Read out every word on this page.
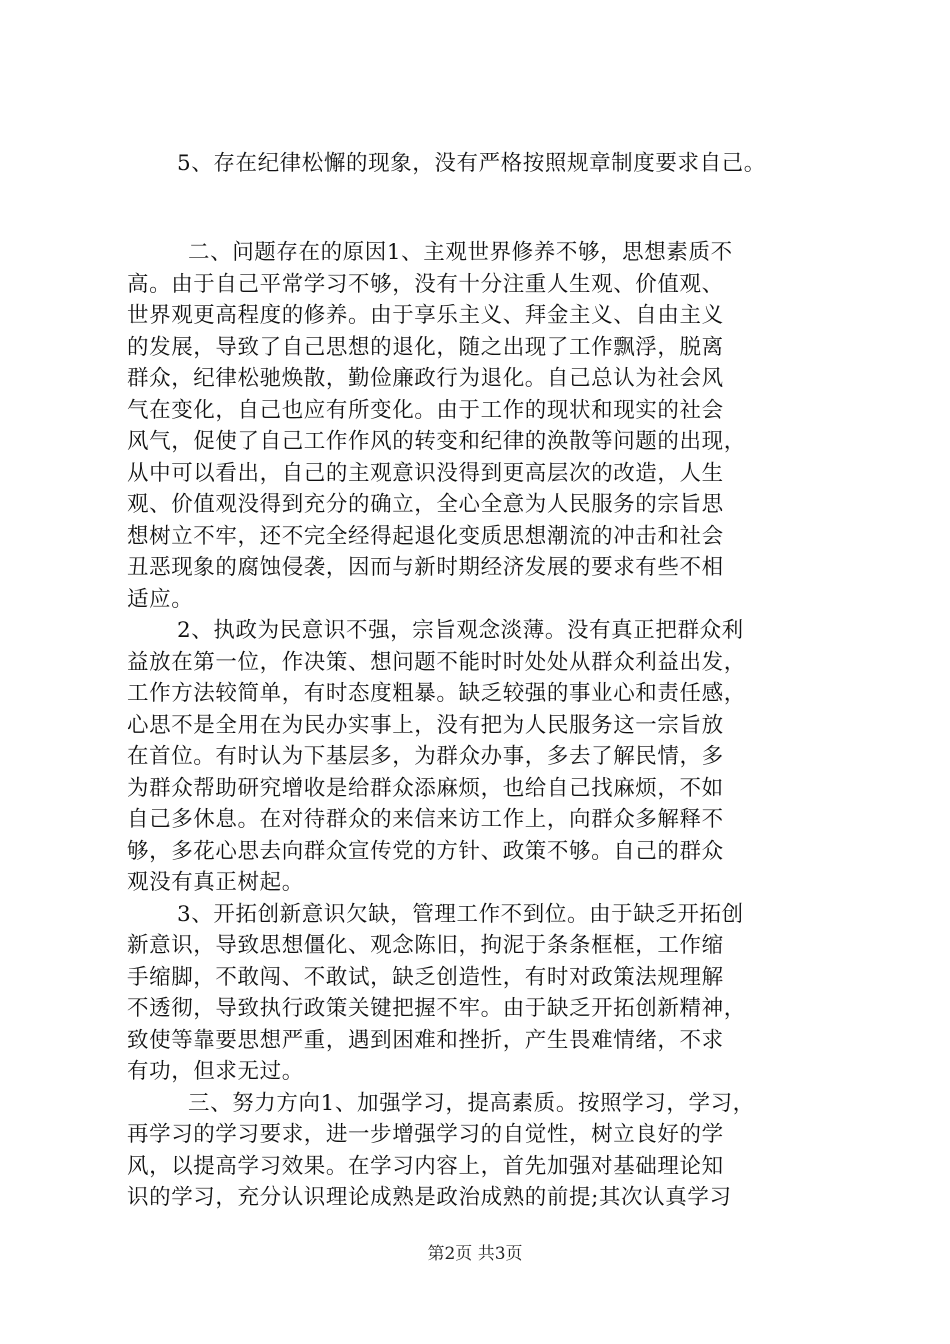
5、存在纪律松懈的现象，没有严格按照规章制度要求自己。
二、问题存在的原因1、主观世界修养不够，思想素质不
高。由于自己平常学习不够，没有十分注重人生观、价值观、
世界观更高程度的修养。由于享乐主义、拜金主义、自由主义
的发展，导致了自己思想的退化，随之出现了工作飘浮，脱离
群众，纪律松驰焕散，勤俭廉政行为退化。自己总认为社会风
气在变化，自己也应有所变化。由于工作的现状和现实的社会
风气，促使了自己工作作风的转变和纪律的涣散等问题的出现，
从中可以看出，自己的主观意识没得到更高层次的改造，人生
观、价值观没得到充分的确立，全心全意为人民服务的宗旨思
想树立不牢，还不完全经得起退化变质思想潮流的冲击和社会
丑恶现象的腐蚀侵袭，因而与新时期经济发展的要求有些不相
适应。
2、执政为民意识不强，宗旨观念淡薄。没有真正把群众利
益放在第一位，作决策、想问题不能时时处处从群众利益出发，
工作方法较简单，有时态度粗暴。缺乏较强的事业心和责任感，
心思不是全用在为民办实事上，没有把为人民服务这一宗旨放
在首位。有时认为下基层多，为群众办事，多去了解民情，多
为群众帮助研究增收是给群众添麻烦，也给自己找麻烦，不如
自己多休息。在对待群众的来信来访工作上，向群众多解释不
够，多花心思去向群众宣传党的方针、政策不够。自己的群众
观没有真正树起。
3、开拓创新意识欠缺，管理工作不到位。由于缺乏开拓创
新意识，导致思想僵化、观念陈旧，拘泥于条条框框，工作缩
手缩脚，不敢闯、不敢试，缺乏创造性，有时对政策法规理解
不透彻，导致执行政策关键把握不牢。由于缺乏开拓创新精神，
致使等靠要思想严重，遇到困难和挫折，产生畏难情绪，不求
有功，但求无过。
三、努力方向1、加强学习，提高素质。按照学习，学习，
再学习的学习要求，进一步增强学习的自觉性，树立良好的学
风，以提高学习效果。在学习内容上，首先加强对基础理论知
识的学习，充分认识理论成熟是政治成熟的前提;其次认真学习
第2页 共3页
